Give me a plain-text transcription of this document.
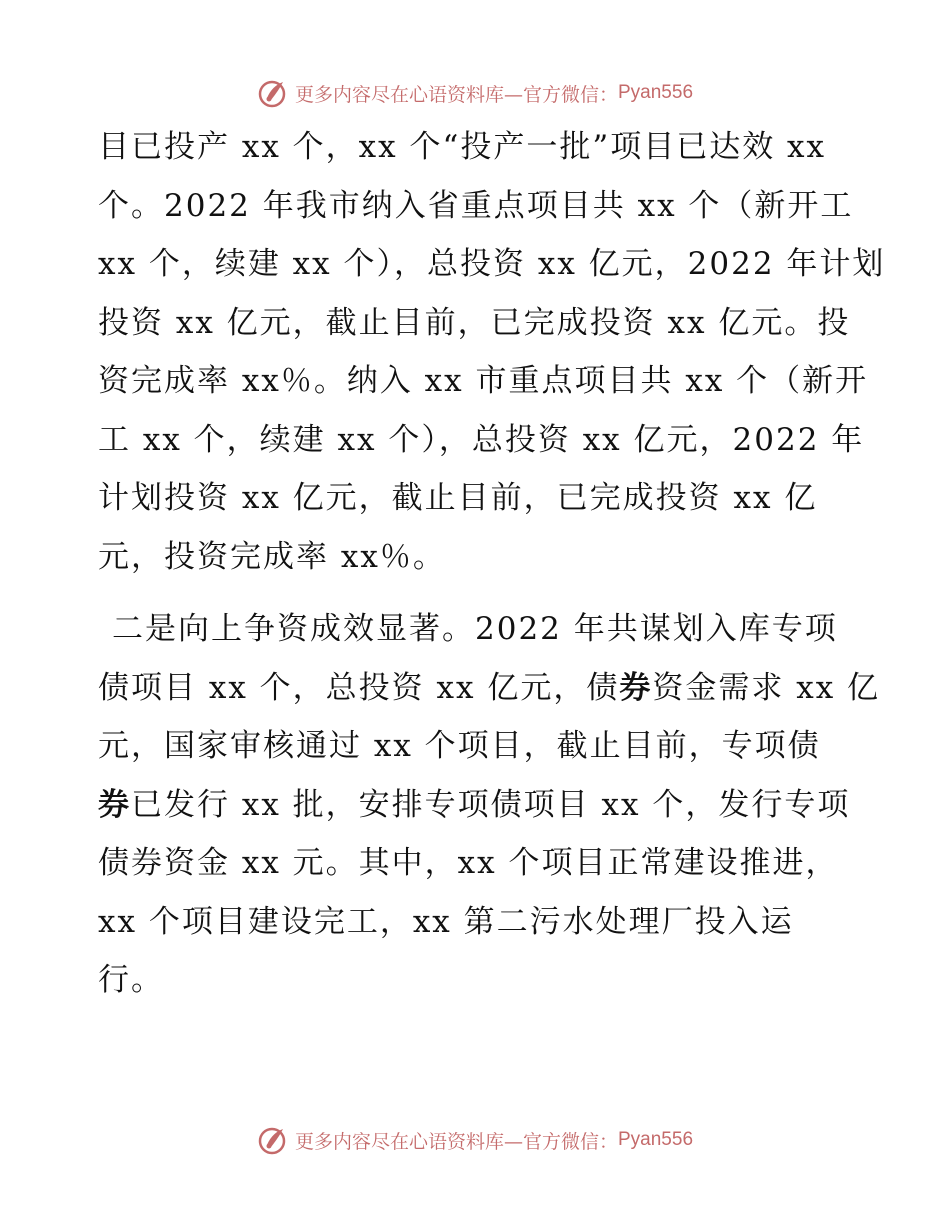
更多内容尽在心语资料库—官方微信： Pyan556
目已投产 xx 个，xx 个“投产一批”项目已达效 xx
个。2022 年我市纳入省重点项目共 xx 个（新开工
xx 个，续建 xx 个），总投资 xx 亿元，2022 年计划
投资 xx 亿元，截止目前，已完成投资 xx 亿元。投
资完成率 xx％。纳入 xx 市重点项目共 xx 个（新开
工 xx 个，续建 xx 个），总投资 xx 亿元，2022 年
计划投资 xx 亿元，截止目前，已完成投资 xx 亿
元，投资完成率 xx％。
二是向上争资成效显著。2022 年共谋划入库专项
债项目 xx 个，总投资 xx 亿元，债券资金需求 xx 亿
元，国家审核通过 xx 个项目，截止目前，专项债
券已发行 xx 批，安排专项债项目 xx 个，发行专项
债券资金 xx 元。其中，xx 个项目正常建设推进，
xx 个项目建设完工，xx 第二污水处理厂投入运
行。
更多内容尽在心语资料库—官方微信： Pyan556
